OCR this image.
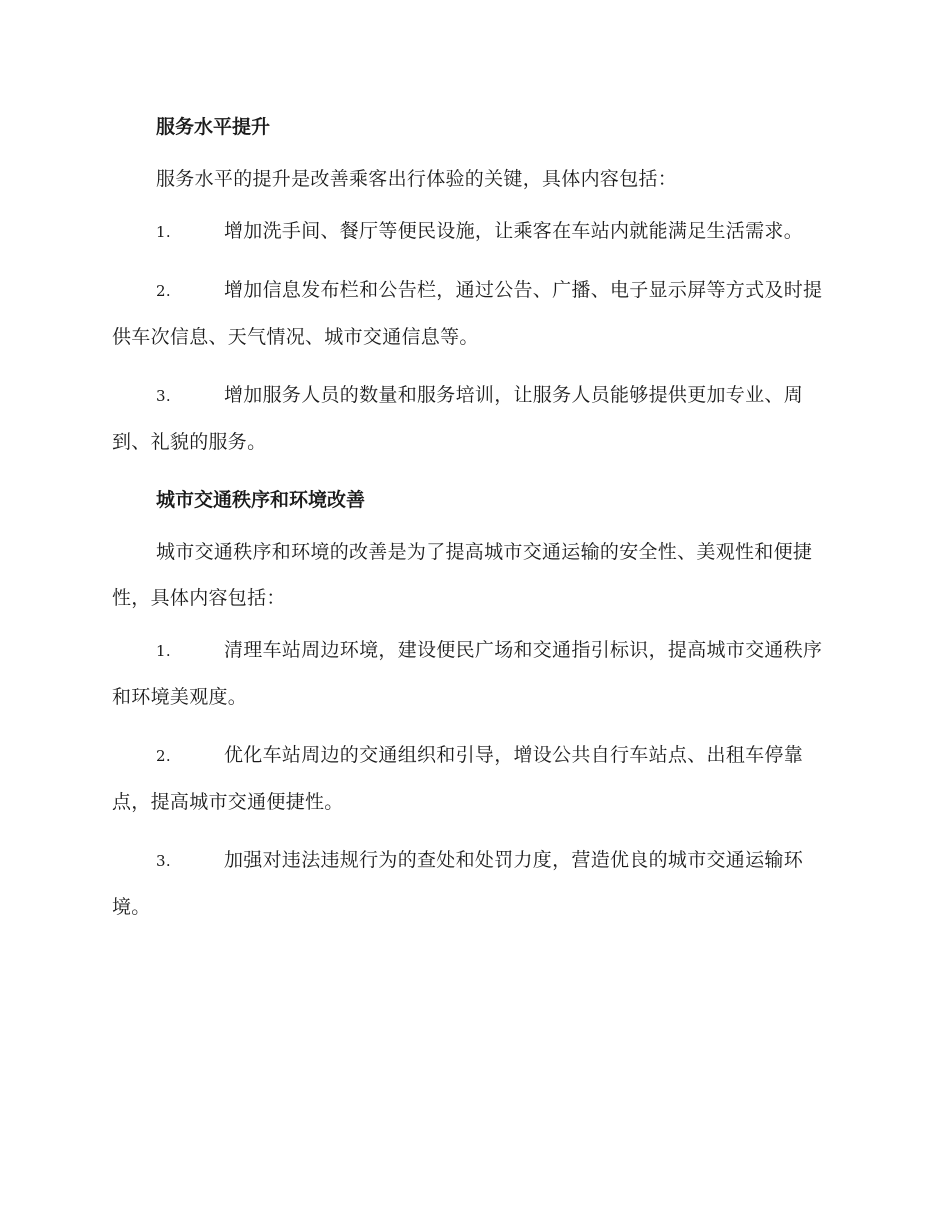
服务水平提升
服务水平的提升是改善乘客出行体验的关键，具体内容包括：
1.	增加洗手间、餐厅等便民设施，让乘客在车站内就能满足生活需求。
2.	增加信息发布栏和公告栏，通过公告、广播、电子显示屏等方式及时提供车次信息、天气情况、城市交通信息等。
3.	增加服务人员的数量和服务培训，让服务人员能够提供更加专业、周到、礼貌的服务。
城市交通秩序和环境改善
城市交通秩序和环境的改善是为了提高城市交通运输的安全性、美观性和便捷性，具体内容包括：
1.	清理车站周边环境，建设便民广场和交通指引标识，提高城市交通秩序和环境美观度。
2.	优化车站周边的交通组织和引导，增设公共自行车站点、出租车停靠点，提高城市交通便捷性。
3.	加强对违法违规行为的查处和处罚力度，营造优良的城市交通运输环境。
